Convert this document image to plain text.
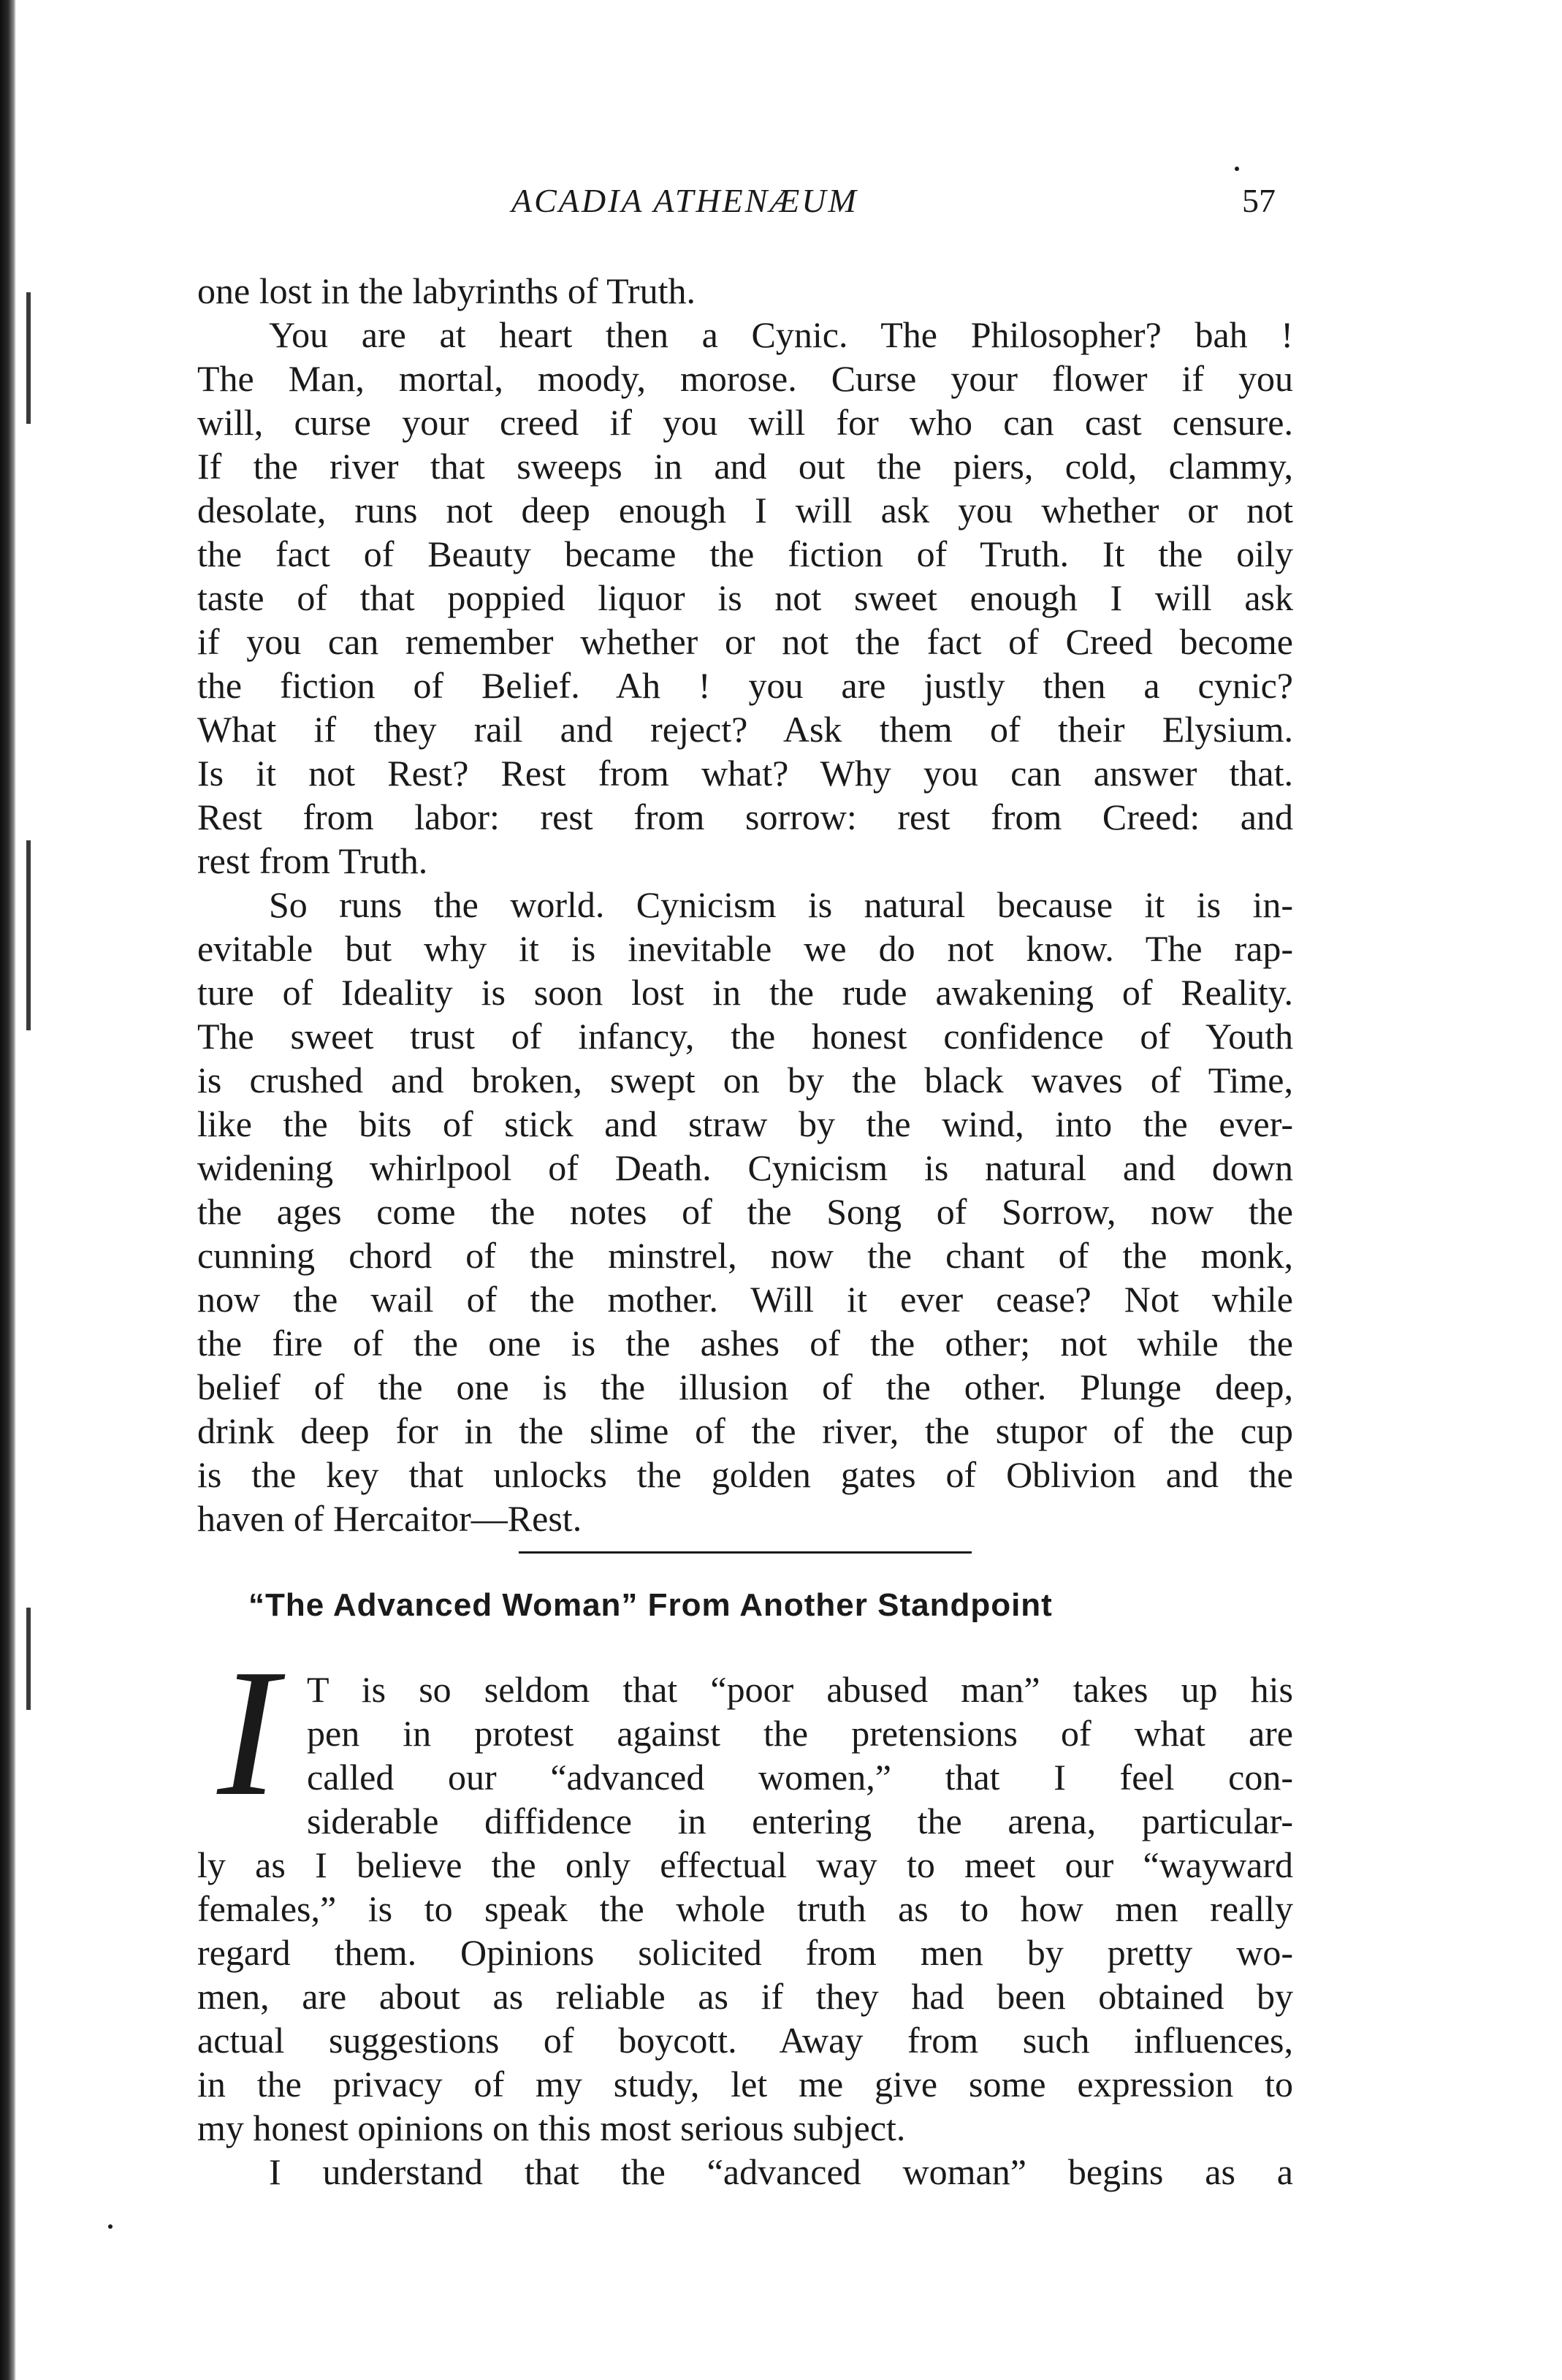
ACADIA ATHENÆUM	57
one lost in the labyrinths of Truth.
You are at heart then a Cynic. The Philosopher? bah !
The Man, mortal, moody, morose. Curse your flower if you
will, curse your creed if you will for who can cast censure.
If the river that sweeps in and out the piers, cold, clammy,
desolate, runs not deep enough I will ask you whether or not
the fact of Beauty became the fiction of Truth. It the oily
taste of that poppied liquor is not sweet enough I will ask
if you can remember whether or not the fact of Creed become
the fiction of Belief. Ah ! you are justly then a cynic?
What if they rail and reject? Ask them of their Elysium.
Is it not Rest? Rest from what? Why you can answer that.
Rest from labor: rest from sorrow: rest from Creed: and
rest from Truth.
So runs the world. Cynicism is natural because it is in-
evitable but why it is inevitable we do not know. The rap-
ture of Ideality is soon lost in the rude awakening of Reality.
The sweet trust of infancy, the honest confidence of Youth
is crushed and broken, swept on by the black waves of Time,
like the bits of stick and straw by the wind, into the ever-
widening whirlpool of Death. Cynicism is natural and down
the ages come the notes of the Song of Sorrow, now the
cunning chord of the minstrel, now the chant of the monk,
now the wail of the mother. Will it ever cease? Not while
the fire of the one is the ashes of the other; not while the
belief of the one is the illusion of the other. Plunge deep,
drink deep for in the slime of the river, the stupor of the cup
is the key that unlocks the golden gates of Oblivion and the
haven of Hercaitor—Rest.
“The Advanced Woman” From Another Standpoint
I T is so seldom that “poor abused man” takes up his
pen in protest against the pretensions of what are
called our “advanced women,” that I feel con-
siderable diffidence in entering the arena, particular-
ly as I believe the only effectual way to meet our “wayward
females,” is to speak the whole truth as to how men really
regard them. Opinions solicited from men by pretty wo-
men, are about as reliable as if they had been obtained by
actual suggestions of boycott. Away from such influences,
in the privacy of my study, let me give some expression to
my honest opinions on this most serious subject.
I understand that the “advanced woman” begins as a
